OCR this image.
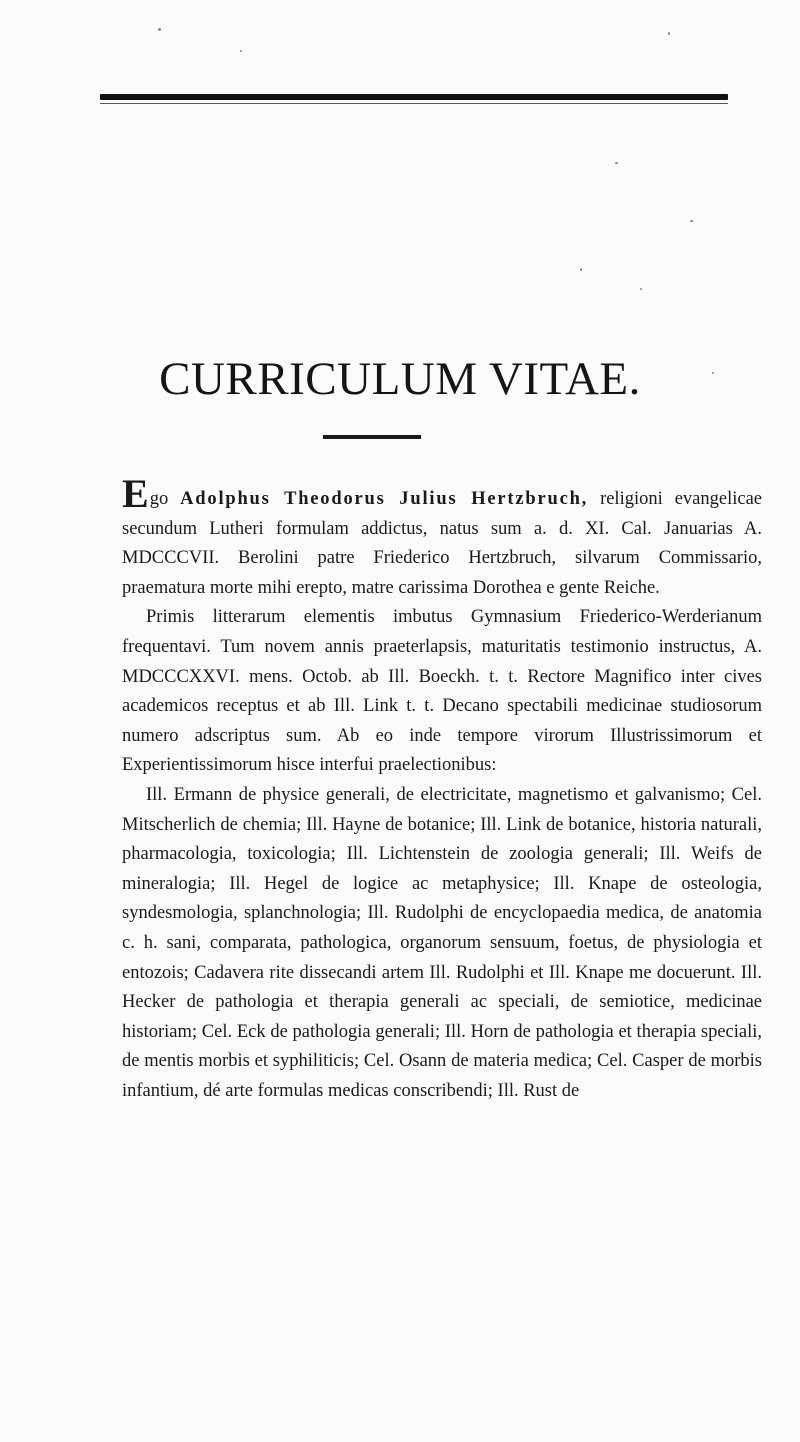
CURRICULUM VITAE.

Ego Adolphus Theodorus Julius Hertzbruch, religioni evangelicae secundum Lutheri formulam addictus, natus sum a. d. XI. Cal. Januarias A. MDCCCVII. Berolini patre Friederico Hertzbruch, silvarum Commissario, praematura morte mihi erepto, matre carissima Dorothea e gente Reiche.

Primis litterarum elementis imbutus Gymnasium Friederico-Werderianum frequentavi. Tum novem annis praeterlapsis, maturitatis testimonio instructus, A. MDCCCXXVI. mens. Octob. ab Ill. Boeckh. t. t. Rectore Magnifico inter cives academicos receptus et ab Ill. Link t. t. Decano spectabili medicinae studiosorum numero adscriptus sum. Ab eo inde tempore virorum Illustrissimorum et Experientissimorum hisce interfui praelectionibus:

Ill. Ermann de physice generali, de electricitate, magnetismo et galvanismo; Cel. Mitscherlich de chemia; Ill. Hayne de botanice; Ill. Link de botanice, historia naturali, pharmacologia, toxicologia; Ill. Lichtenstein de zoologia generali; Ill. Weifs de mineralogia; Ill. Hegel de logice ac metaphysice; Ill. Knape de osteologia, syndesmologia, splanchnologia; Ill. Rudolphi de encyclopaedia medica, de anatomia c. h. sani, comparata, pathologica, organorum sensuum, foetus, de physiologia et entozois; Cadavera rite dissecandi artem Ill. Rudolphi et Ill. Knape me docuerunt. Ill. Hecker de pathologia et therapia generali ac speciali, de semiotice, medicinae historiam; Cel. Eck de pathologia generali; Ill. Horn de pathologia et therapia speciali, de mentis morbis et syphiliticis; Cel. Osann de materia medica; Cel. Casper de morbis infantium, dé arte formulas medicas conscribendi; Ill. Rust de
